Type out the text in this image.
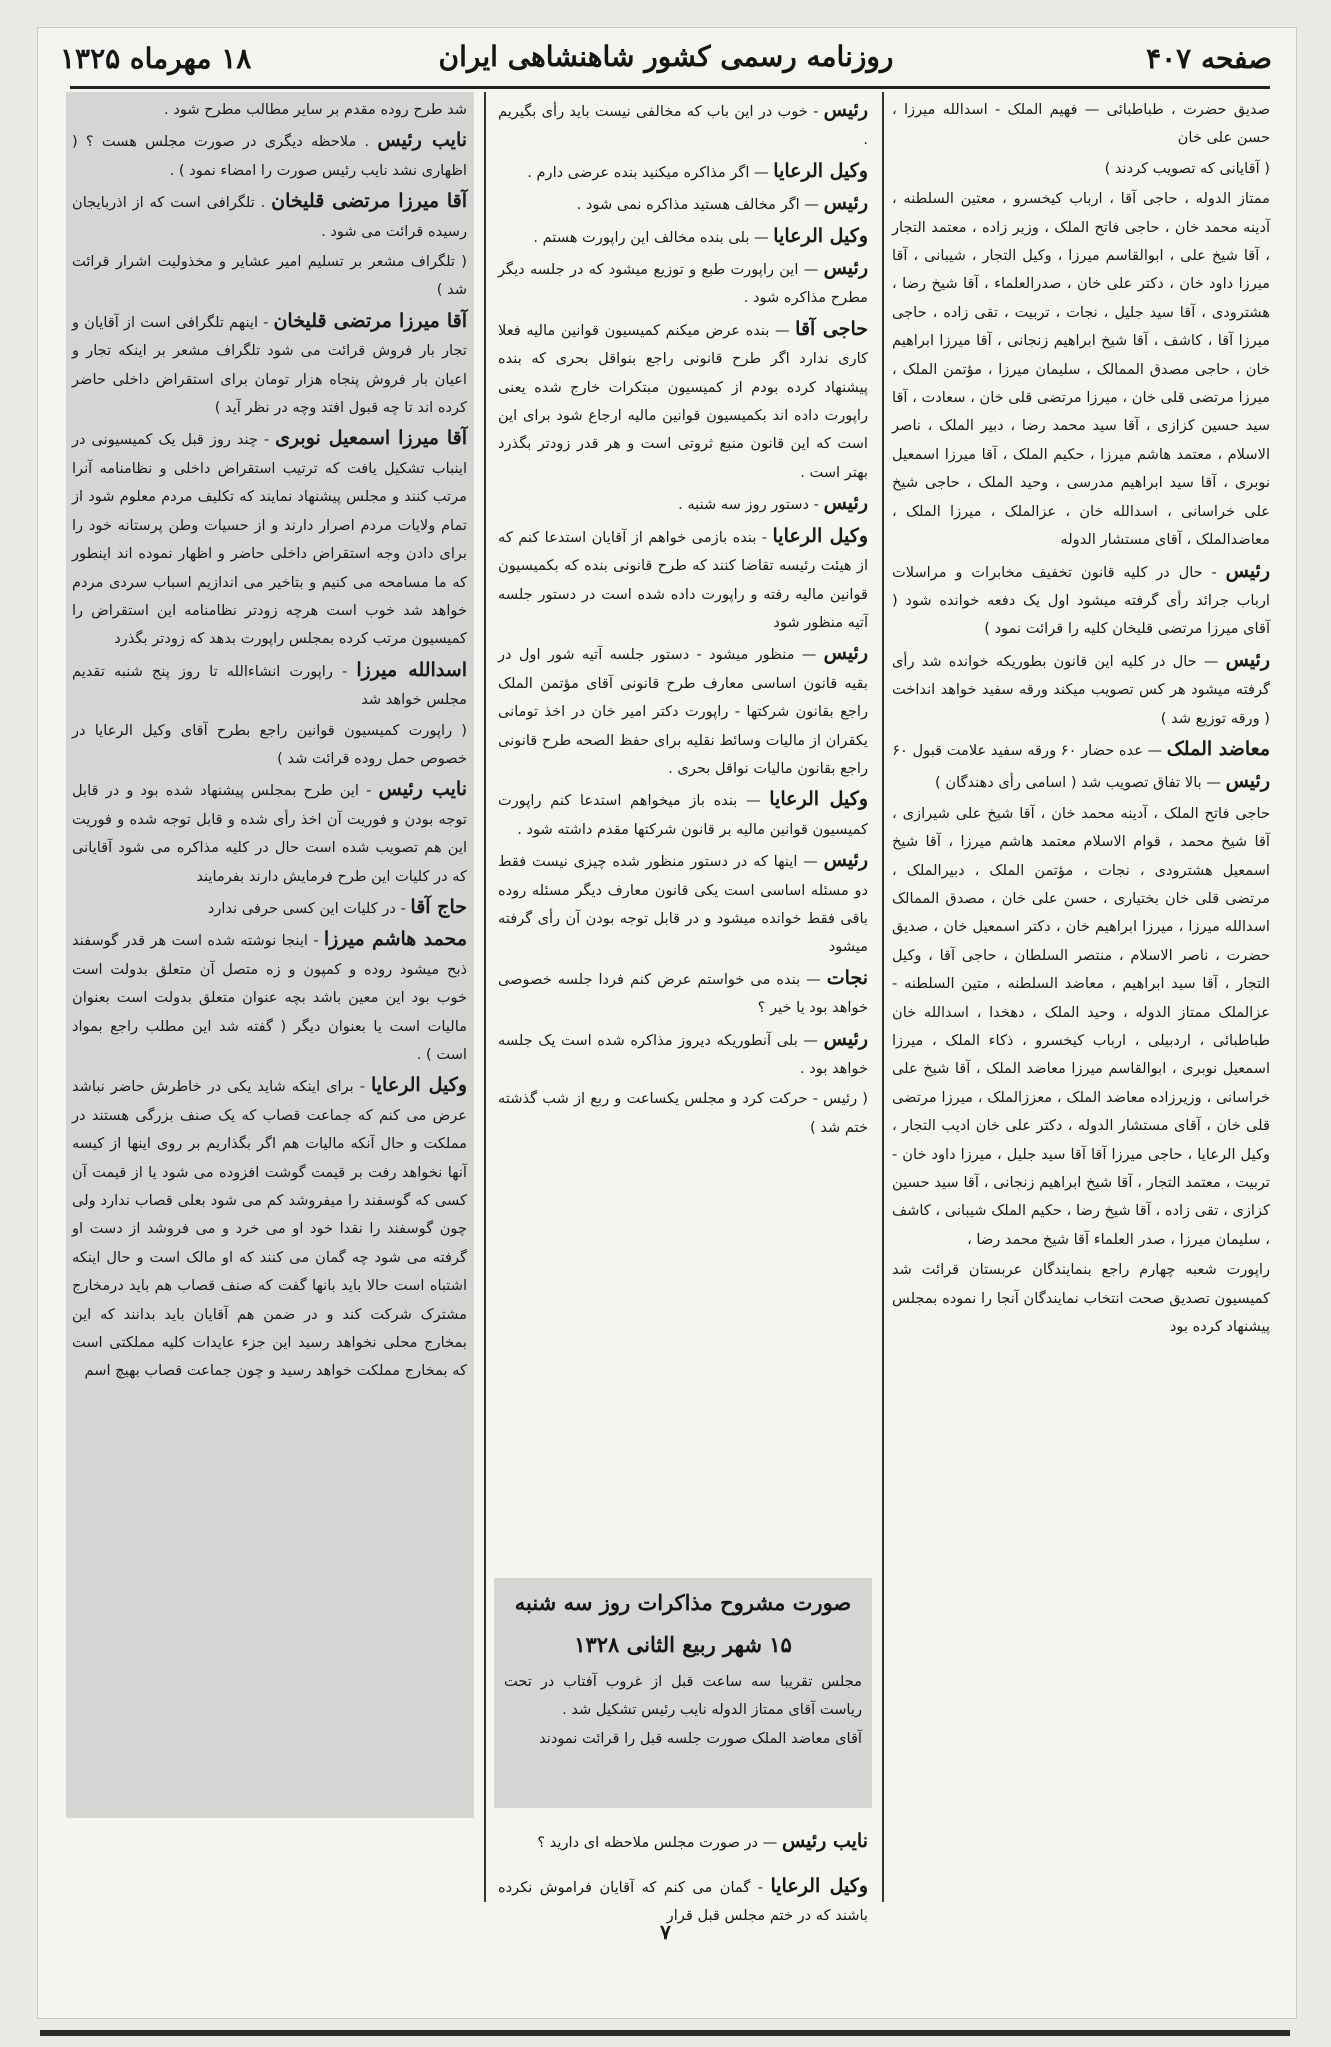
صفحه ۴۰۷
روزنامه رسمی کشور شاهنشاهی ایران
۱۸ مهرماه ۱۳۲۵

صدیق حضرت ، طباطبائی — فهیم الملک - اسدالله میرزا ، حسن علی خان

( آقایانی که تصویب کردند )

ممتاز الدوله ، حاجی آقا ، ارباب کیخسرو ، معتین السلطنه ، آدینه محمد خان ، حاجی فاتح الملک ، وزیر زاده ، معتمد التجار ، آقا شیخ علی ، ابوالقاسم میرزا ، وکیل التجار ، شیبانی ، آقا میرزا داود خان ، دکتر علی خان ، صدرالعلماء ، آقا شیخ رضا ، هشترودی ، آقا سید جلیل ، نجات ، تربیت ، تقی زاده ، حاجی میرزا آقا ، کاشف ، آقا شیخ ابراهیم زنجانی ، آقا میرزا ابراهیم خان ، حاجی مصدق الممالک ، سلیمان میرزا ، مؤتمن الملک ، میرزا مرتضی قلی خان ، میرزا مرتضی قلی خان ، سعادت ، آقا سید حسین کزازی ، آقا سید محمد رضا ، دبیر الملک ، ناصر الاسلام ، معتمد هاشم میرزا ، حکیم الملک ، آقا میرزا اسمعیل نوبری ، آقا سید ابراهیم مدرسی ، وحید الملک ، حاجی شیخ علی خراسانی ، اسدالله خان ، عزالملک ، میرزا الملک ، معاضدالملک ، آقای مستشار الدوله

رئیس - حال در کلیه قانون تخفیف مخابرات و مراسلات ارباب جرائد رأی گرفته میشود اول یک دفعه خوانده شود ( آقای میرزا مرتضی قلیخان کلیه را قرائت نمود )

رئیس — حال در کلیه این قانون بطوریکه خوانده شد رأی گرفته میشود هر کس تصویب میکند ورقه سفید خواهد انداخت ( ورقه توزیع شد )

معاضد الملک — عده حضار ۶۰ ورقه سفید علامت قبول ۶۰

رئیس — بالا تفاق تصویب شد ( اسامی رأی دهندگان )

حاجی فاتح الملک ، آدینه محمد خان ، آقا شیخ علی شیرازی ، آقا شیخ محمد ، قوام الاسلام معتمد هاشم میرزا ، آقا شیخ اسمعیل هشترودی ، نجات ، مؤتمن الملک ، دبیرالملک ، مرتضی قلی خان بختیاری ، حسن علی خان ، مصدق الممالک اسدالله میرزا ، میرزا ابراهیم خان ، دکتر اسمعیل خان ، صدیق حضرت ، ناصر الاسلام ، منتصر السلطان ، حاجی آقا ، وکیل التجار ، آقا سید ابراهیم ، معاضد السلطنه ، متین السلطنه - عزالملک ممتاز الدوله ، وحید الملک ، دهخدا ، اسدالله خان طباطبائی ، اردبیلی ، ارباب کیخسرو ، ذکاء الملک ، میرزا اسمعیل نوبری ، ابوالقاسم میرزا معاضد الملک ، آقا شیخ علی خراسانی ، وزیرزاده معاضد الملک ، معززالملک ، میرزا مرتضی قلی خان ، آقای مستشار الدوله ، دکتر علی خان ادیب التجار ، وکیل الرعایا ، حاجی میرزا آقا آقا سید جلیل ، میرزا داود خان - تربیت ، معتمد التجار ، آقا شیخ ابراهیم زنجانی ، آقا سید حسین کزازی ، تقی زاده ، آقا شیخ رضا ، حکیم الملک شیبانی ، کاشف ، سلیمان میرزا ، صدر العلماء آقا شیخ محمد رضا ،

راپورت شعبه چهارم راجع بنمایندگان عربستان قرائت شد کمیسیون تصدیق صحت انتخاب نمایندگان آنجا را نموده بمجلس پیشنهاد کرده بود

رئیس - خوب در این باب که مخالفی نیست باید رأی بگیریم .

وکیل الرعایا — اگر مذاکره میکنید بنده عرضی دارم .

رئیس — اگر مخالف هستید مذاکره نمی شود .

وکیل الرعایا — بلی بنده مخالف این راپورت هستم .

رئیس — این راپورت طبع و توزیع میشود که در جلسه دیگر مطرح مذاکره شود .

حاجی آقا — بنده عرض میکنم کمیسیون قوانین مالیه فعلا کاری ندارد اگر طرح قانونی راجع بنواقل بحری که بنده پیشنهاد کرده بودم از کمیسیون مبتکرات خارج شده یعنی راپورت داده اند بکمیسیون قوانین مالیه ارجاع شود برای این است که این قانون منبع ثروتی است و هر قدر زودتر بگذرد بهتر است .

رئیس - دستور روز سه شنبه .

وکیل الرعایا - بنده بازمی خواهم از آقایان استدعا کنم که از هیئت رئیسه تقاضا کنند که طرح قانونی بنده که بکمیسیون قوانین مالیه رفته و راپورت داده شده است در دستور جلسه آتیه منظور شود

رئیس — منظور میشود - دستور جلسه آتیه شور اول در بقیه قانون اساسی معارف طرح قانونی آقای مؤتمن الملک راجع بقانون شرکتها - راپورت دکتر امیر خان در اخذ تومانی یکقران از مالیات وسائط نقلیه برای حفظ الصحه طرح قانونی راجع بقانون مالیات نواقل بحری .

وکیل الرعایا — بنده باز میخواهم استدعا کنم راپورت کمیسیون قوانین مالیه بر قانون شرکتها مقدم داشته شود .

رئیس — اینها که در دستور منظور شده چیزی نیست فقط دو مسئله اساسی است یکی قانون معارف دیگر مسئله روده باقی فقط خوانده میشود و در قابل توجه بودن آن رأی گرفته میشود

نجات — بنده می خواستم عرض کنم فردا جلسه خصوصی خواهد بود یا خیر ؟

رئیس — بلی آنطوریکه دیروز مذاکره شده است یک جلسه خواهد بود .

( رئیس - حرکت کرد و مجلس یکساعت و ربع از شب گذشته ختم شد )

شد طرح روده مقدم بر سایر مطالب مطرح شود .

نایب رئیس . ملاحظه دیگری در صورت مجلس هست ؟ ( اظهاری نشد نایب رئیس صورت را امضاء نمود ) .

آقا میرزا مرتضی قلیخان . تلگرافی است که از اذربایجان رسیده قرائت می شود .

( تلگراف مشعر بر تسلیم امیر عشایر و مخذولیت اشرار قرائت شد )

آقا میرزا مرتضی قلیخان - اینهم تلگرافی است از آقایان و تجار بار فروش قرائت می شود تلگراف مشعر بر اینکه تجار و اعیان بار فروش پنجاه هزار تومان برای استقراض داخلی حاضر کرده اند تا چه قبول افتد وچه در نظر آید )

آقا میرزا اسمعیل نوبری - چند روز قبل یک کمیسیونی در اینباب تشکیل یافت که ترتیب استقراض داخلی و نظامنامه آنرا مرتب کنند و مجلس پیشنهاد نمایند که تکلیف مردم معلوم شود از تمام ولایات مردم اصرار دارند و از حسیات وطن پرستانه خود را برای دادن وجه استقراض داخلی حاضر و اظهار نموده اند اینطور که ما مسامحه می کنیم و بتاخیر می اندازیم اسباب سردی مردم خواهد شد خوب است هرچه زودتر نظامنامه این استقراض را کمیسیون مرتب کرده بمجلس راپورت بدهد که زودتر بگذرد

اسدالله میرزا - راپورت انشاءالله تا روز پنج شنبه تقدیم مجلس خواهد شد

( راپورت کمیسیون قوانین راجع بطرح آقای وکیل الرعایا در خصوص حمل روده قرائت شد )

نایب رئیس - این طرح بمجلس پیشنهاد شده بود و در قابل توجه بودن و فوریت آن اخذ رأی شده و قابل توجه شده و فوریت این هم تصویب شده است حال در کلیه مذاکره می شود آقایانی که در کلیات این طرح فرمایش دارند بفرمایند

حاج آقا - در کلیات این کسی حرفی ندارد

محمد هاشم میرزا - اینجا نوشته شده است هر قدر گوسفند ذبح میشود روده و کمپون و زه متصل آن متعلق بدولت است خوب بود این معین باشد بچه عنوان متعلق بدولت است بعنوان مالیات است یا بعنوان دیگر ( گفته شد این مطلب راجع بمواد است ) .

وکیل الرعایا - برای اینکه شاید یکی در خاطرش حاضر نباشد عرض می کنم که جماعت قصاب که یک صنف بزرگی هستند در مملکت و حال آنکه مالیات هم اگر بگذاریم بر روی اینها از کیسه آنها نخواهد رفت بر قیمت گوشت افزوده می شود یا از قیمت آن کسی که گوسفند را میفروشد کم می شود بعلی قصاب ندارد ولی چون گوسفند را نقدا خود او می خرد و می فروشد از دست او گرفته می شود چه گمان می کنند که او مالک است و حال اینکه اشتباه است حالا باید بانها گفت که صنف قصاب هم باید درمخارج مشترک شرکت کند و در ضمن هم آقایان باید بدانند که این بمخارج محلی نخواهد رسید این جزء عایدات کلیه مملکتی است که بمخارج مملکت خواهد رسید و چون جماعت قصاب بهیچ اسم

صورت مشروح مذاکرات روز سه شنبه
۱۵ شهر ربیع الثانی ۱۳۲۸
مجلس تقریبا سه ساعت قبل از غروب آفتاب در تحت ریاست آقای ممتاز الدوله نایب رئیس تشکیل شد .
آقای معاضد الملک صورت جلسه قبل را قرائت نمودند

نایب رئیس — در صورت مجلس ملاحظه ای دارید ؟

وکیل الرعایا - گمان می کنم که آقایان فراموش نکرده باشند که در ختم مجلس قبل قرار

۷
